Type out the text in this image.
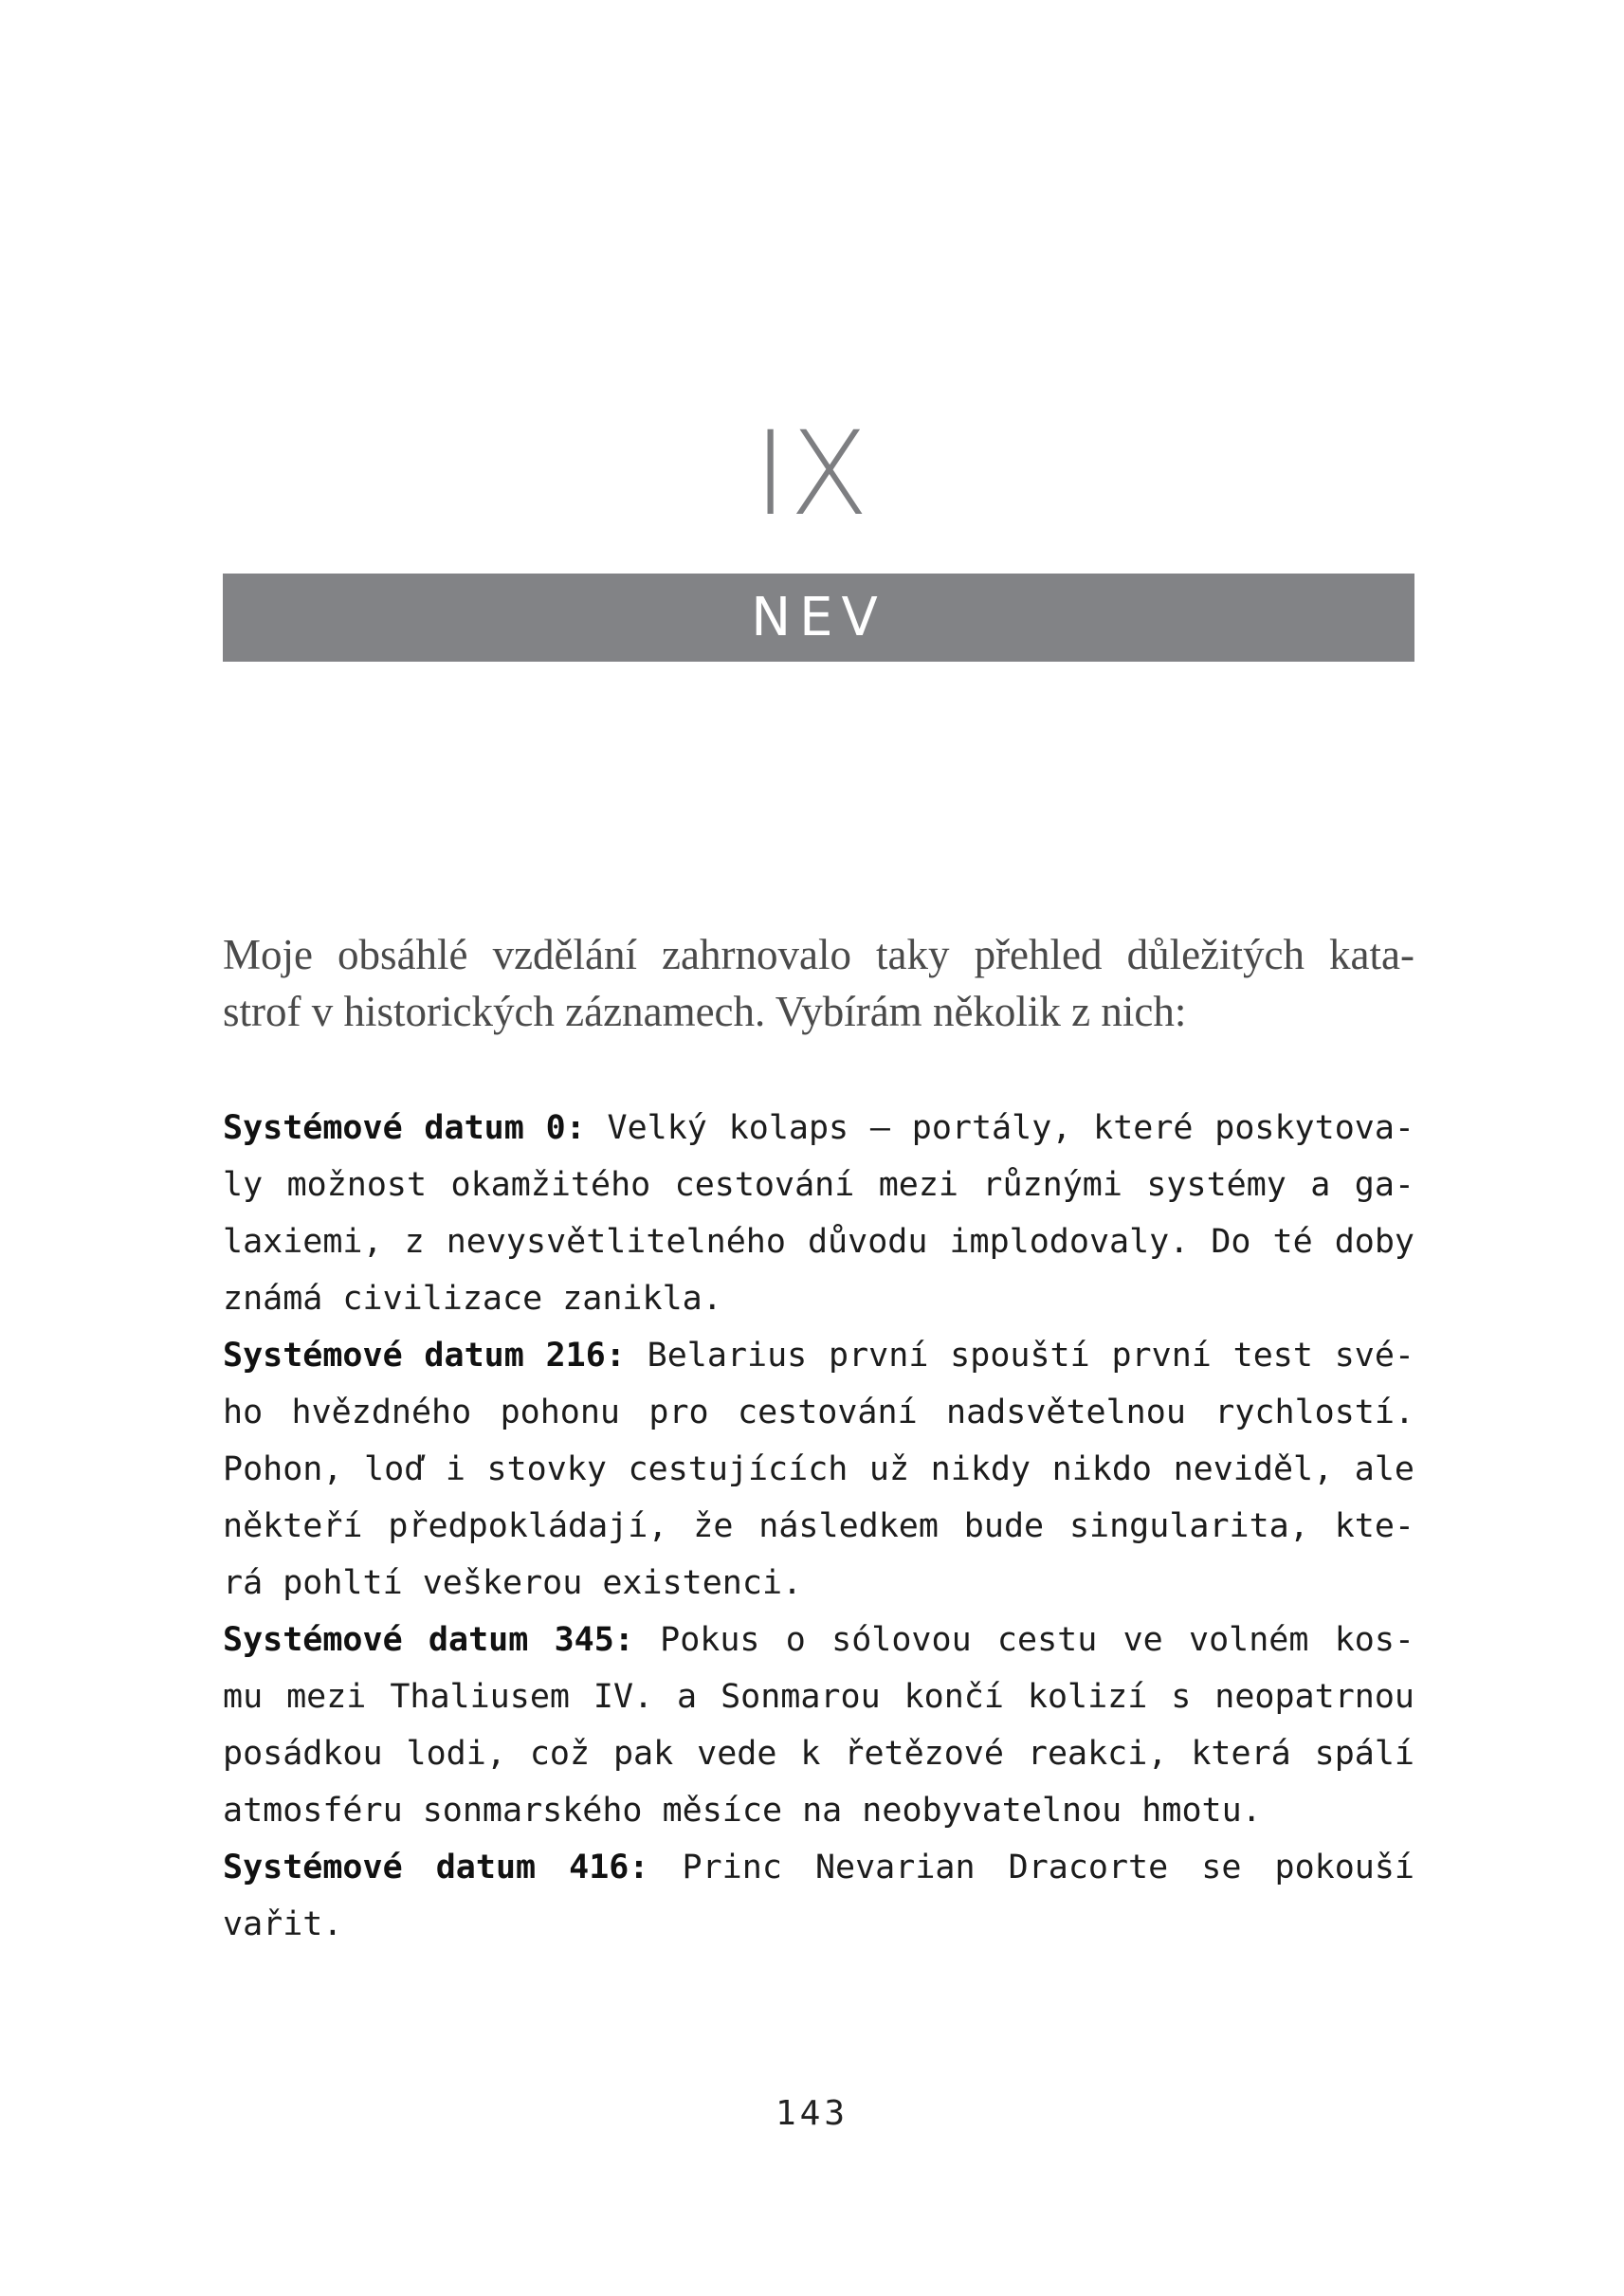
IX
NEV
Moje obsáhlé vzdělání zahrnovalo taky přehled důležitých kata-
strof v historických záznamech. Vybírám několik z nich:
Systémové datum 0: Velký kolaps – portály, které poskytova-
ly možnost okamžitého cestování mezi různými systémy a ga-
laxiemi, z nevysvětlitelného důvodu implodovaly. Do té doby
známá civilizace zanikla.
Systémové datum 216: Belarius první spouští první test své-
ho hvězdného pohonu pro cestování nadsvětelnou rychlostí.
Pohon, loď i stovky cestujících už nikdy nikdo neviděl, ale
někteří předpokládají, že následkem bude singularita, kte-
rá pohltí veškerou existenci.
Systémové datum 345: Pokus o sólovou cestu ve volném kos-
mu mezi Thaliusem IV. a Sonmarou končí kolizí s neopatrnou
posádkou lodi, což pak vede k řetězové reakci, která spálí
atmosféru sonmarského měsíce na neobyvatelnou hmotu.
Systémové datum 416: Princ Nevarian Dracorte se pokouší
vařit.
143
